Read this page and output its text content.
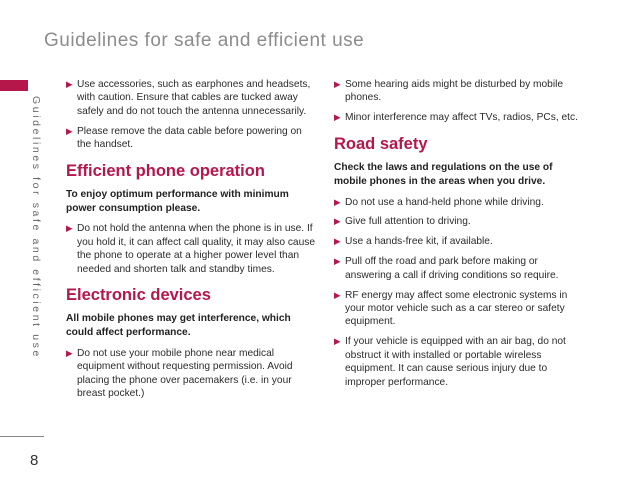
Guidelines for safe and efficient use
Guidelines for safe and efficient use
8
▶ Use accessories, such as earphones and headsets, with caution. Ensure that cables are tucked away safely and do not touch the antenna unnecessarily.
▶ Please remove the data cable before powering on the handset.
Efficient phone operation
To enjoy optimum performance with minimum power consumption please.
▶ Do not hold the antenna when the phone is in use. If you hold it, it can affect call quality, it may also cause the phone to operate at a higher power level than needed and shorten talk and standby times.
Electronic devices
All mobile phones may get interference, which could affect performance.
▶ Do not use your mobile phone near medical equipment without requesting permission. Avoid placing the phone over pacemakers (i.e. in your breast pocket.)
▶ Some hearing aids might be disturbed by mobile phones.
▶ Minor interference may affect TVs, radios, PCs, etc.
Road safety
Check the laws and regulations on the use of mobile phones in the areas when you drive.
▶ Do not use a hand-held phone while driving.
▶ Give full attention to driving.
▶ Use a hands-free kit, if available.
▶ Pull off the road and park before making or answering a call if driving conditions so require.
▶ RF energy may affect some electronic systems in your motor vehicle such as a car stereo or safety equipment.
▶ If your vehicle is equipped with an air bag, do not obstruct it with installed or portable wireless equipment. It can cause serious injury due to improper performance.
